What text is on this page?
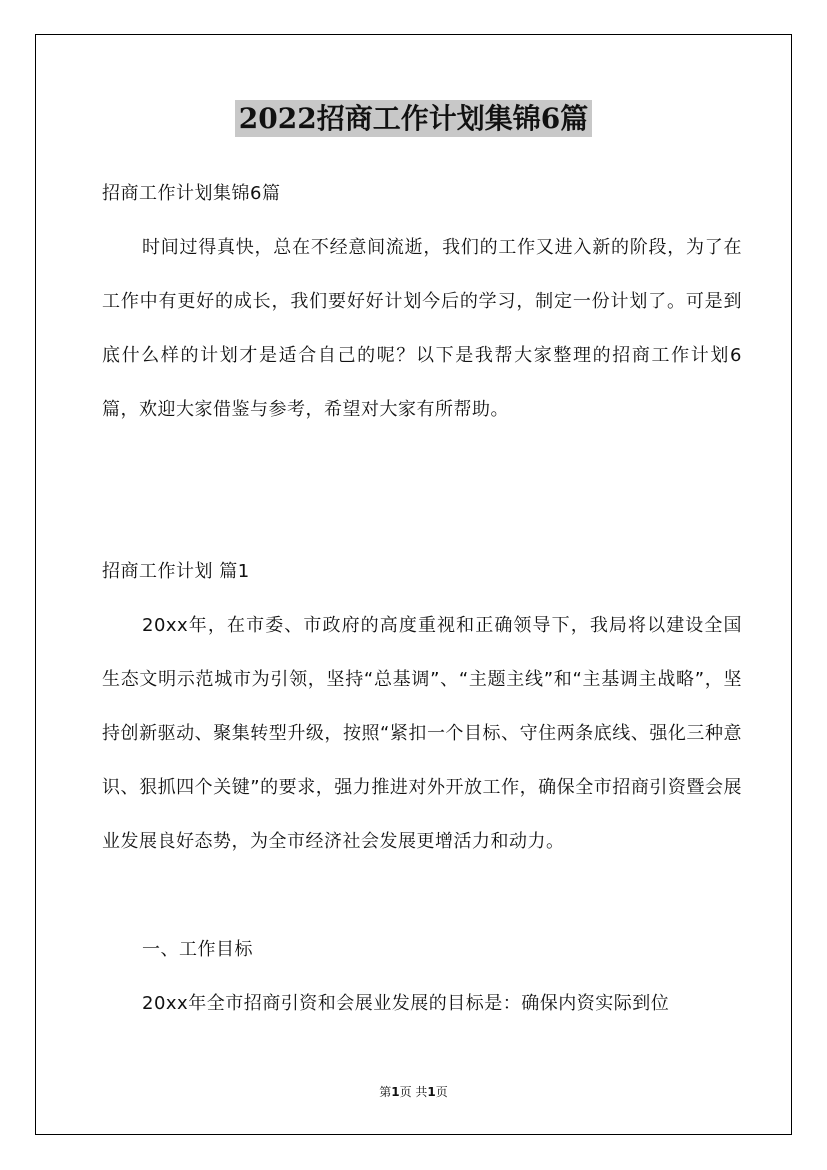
2022招商工作计划集锦6篇

招商工作计划集锦6篇

时间过得真快，总在不经意间流逝，我们的工作又进入新的阶段，为了在工作中有更好的成长，我们要好好计划今后的学习，制定一份计划了。可是到底什么样的计划才是适合自己的呢？以下是我帮大家整理的招商工作计划6篇，欢迎大家借鉴与参考，希望对大家有所帮助。

招商工作计划 篇1

20xx年，在市委、市政府的高度重视和正确领导下，我局将以建设全国生态文明示范城市为引领，坚持“总基调”、“主题主线”和“主基调主战略”，坚持创新驱动、聚集转型升级，按照“紧扣一个目标、守住两条底线、强化三种意识、狠抓四个关键”的要求，强力推进对外开放工作，确保全市招商引资暨会展业发展良好态势，为全市经济社会发展更增活力和动力。

一、工作目标

20xx年全市招商引资和会展业发展的目标是：确保内资实际到位

第1页 共1页
